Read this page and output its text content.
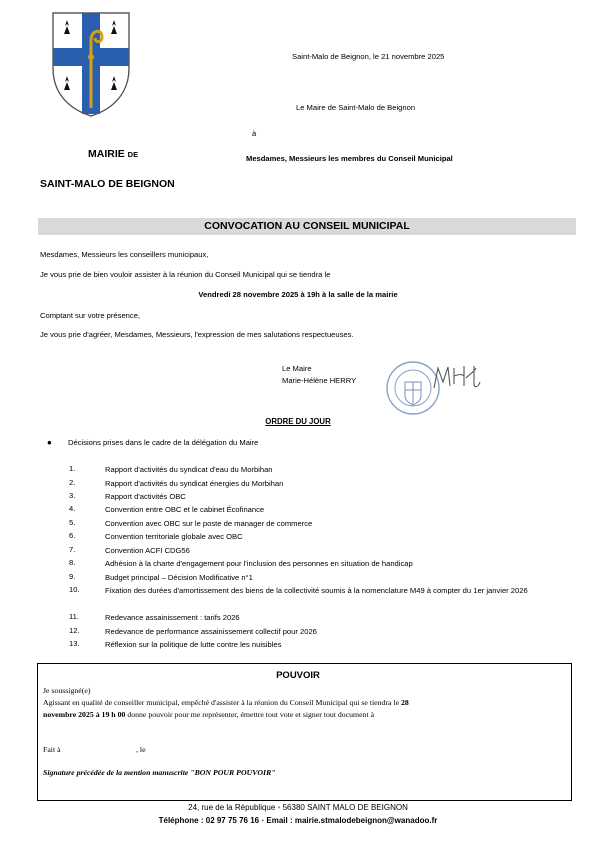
Saint-Malo de Beignon, le 21 novembre 2025
Le Maire de Saint-Malo de Beignon
à
MAIRIE DE	Mesdames, Messieurs les membres du Conseil Municipal
SAINT-MALO DE BEIGNON
CONVOCATION AU CONSEIL MUNICIPAL
Mesdames, Messieurs les conseillers municipaux,
Je vous prie de bien vouloir assister à la réunion du Conseil Municipal qui se tiendra le
Vendredi 28 novembre 2025 à 19h à la salle de la mairie
Comptant sur votre présence,
Je vous prie d'agréer, Mesdames, Messieurs, l'expression de mes salutations respectueuses.
Le Maire
Marie-Hélène HERRY
ORDRE DU JOUR
● Décisions prises dans le cadre de la délégation du Maire
1.	Rapport d'activités du syndicat d'eau du Morbihan
2.	Rapport d'activités du syndicat énergies du Morbihan
3.	Rapport d'activités OBC
4.	Convention entre OBC et le cabinet Écofinance
5.	Convention avec OBC sur le poste de manager de commerce
6.	Convention territoriale globale avec OBC
7.	Convention ACFI CDG56
8.	Adhésion à la charte d'engagement pour l'inclusion des personnes en situation de handicap
9.	Budget principal – Décision Modificative n°1
10.	Fixation des durées d'amortissement des biens de la collectivité soumis à la nomenclature M49 à compter du 1er janvier 2026
11.	Redevance assainissement : tarifs 2026
12.	Redevance de performance assainissement collectif pour 2026
13.	Réflexion sur la politique de lutte contre les nuisibles
POUVOIR
Je soussigné(e)
Agissant en qualité de conseiller municipal, empêché d'assister à la réunion du Conseil Municipal qui se tiendra le 28
novembre 2025 à 19 h 00 donne pouvoir pour me représenter, émettre tout vote et signer tout document à
Fait à	, le
Signature précédée de la mention manuscrite "BON POUR POUVOIR"
24, rue de la République • 56380 SAINT MALO DE BEIGNON
Téléphone : 02 97 75 76 16 • Email : mairie.stmalodebeignon@wanadoo.fr
